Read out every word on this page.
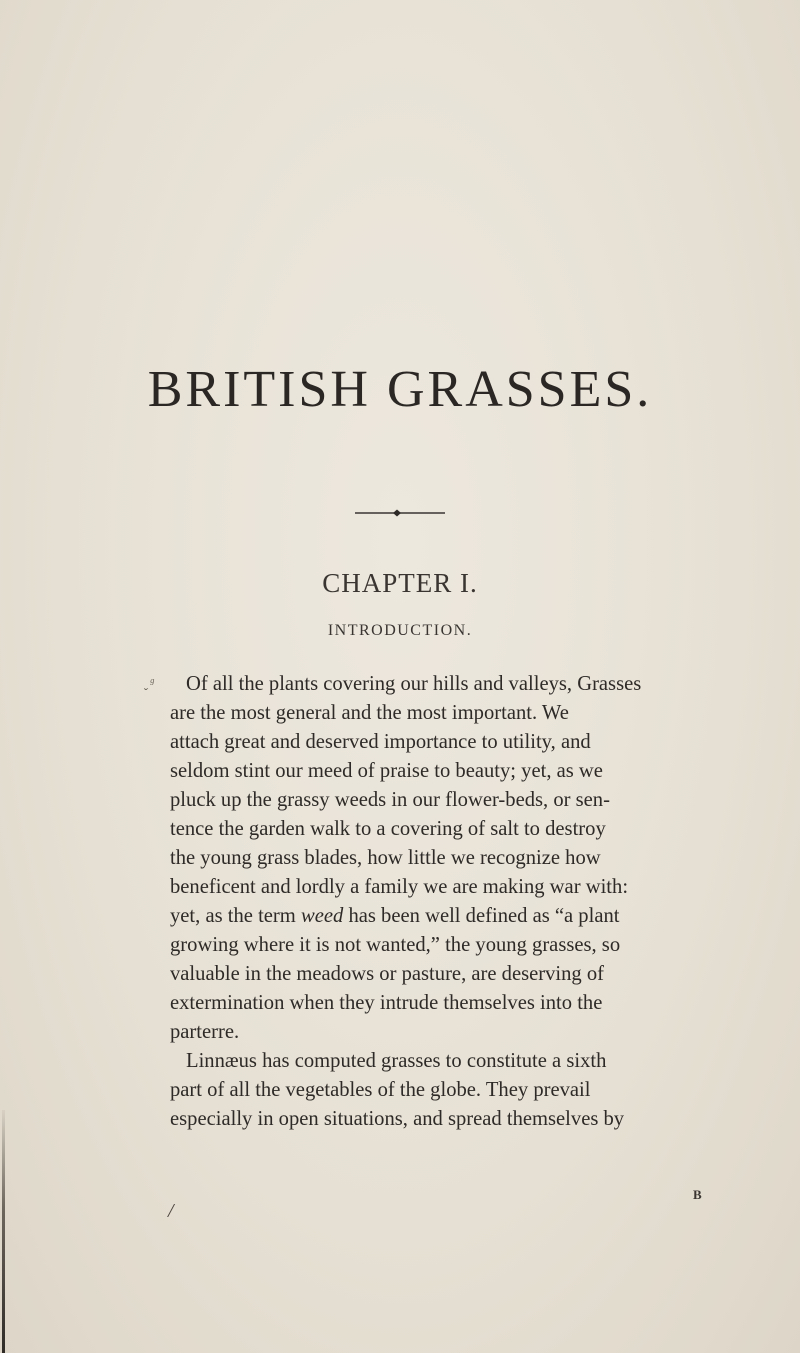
BRITISH GRASSES.
CHAPTER I.
INTRODUCTION.
ˬᵍ	Of all the plants covering our hills and valleys, Grasses
are the most general and the most important. We
attach great and deserved importance to utility, and
seldom stint our meed of praise to beauty; yet, as we
pluck up the grassy weeds in our flower-beds, or sen-
tence the garden walk to a covering of salt to destroy
the young grass blades, how little we recognize how
beneficent and lordly a family we are making war with:
yet, as the term weed has been well defined as “a plant
growing where it is not wanted,” the young grasses, so
valuable in the meadows or pasture, are deserving of
extermination when they intrude themselves into the
parterre.
Linnæus has computed grasses to constitute a sixth
part of all the vegetables of the globe. They prevail
especially in open situations, and spread themselves by
B
/
